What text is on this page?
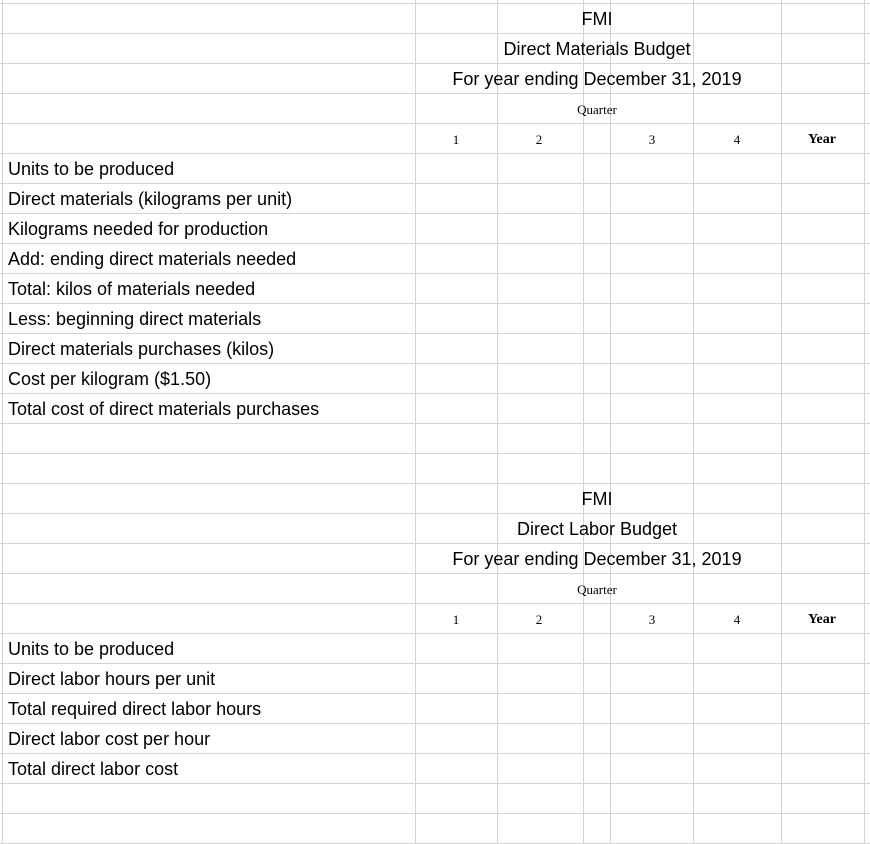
FMI
Direct Materials Budget
For year ending December 31, 2019
Quarter
1	2	3	4	Year
Units to be produced
Direct materials (kilograms per unit)
Kilograms needed for production
Add: ending direct materials needed
Total: kilos of materials needed
Less: beginning direct materials
Direct materials purchases (kilos)
Cost per kilogram ($1.50)
Total cost of direct materials purchases
FMI
Direct Labor Budget
For year ending December 31, 2019
Quarter
1	2	3	4	Year
Units to be produced
Direct labor hours per unit
Total required direct labor hours
Direct labor cost per hour
Total direct labor cost
